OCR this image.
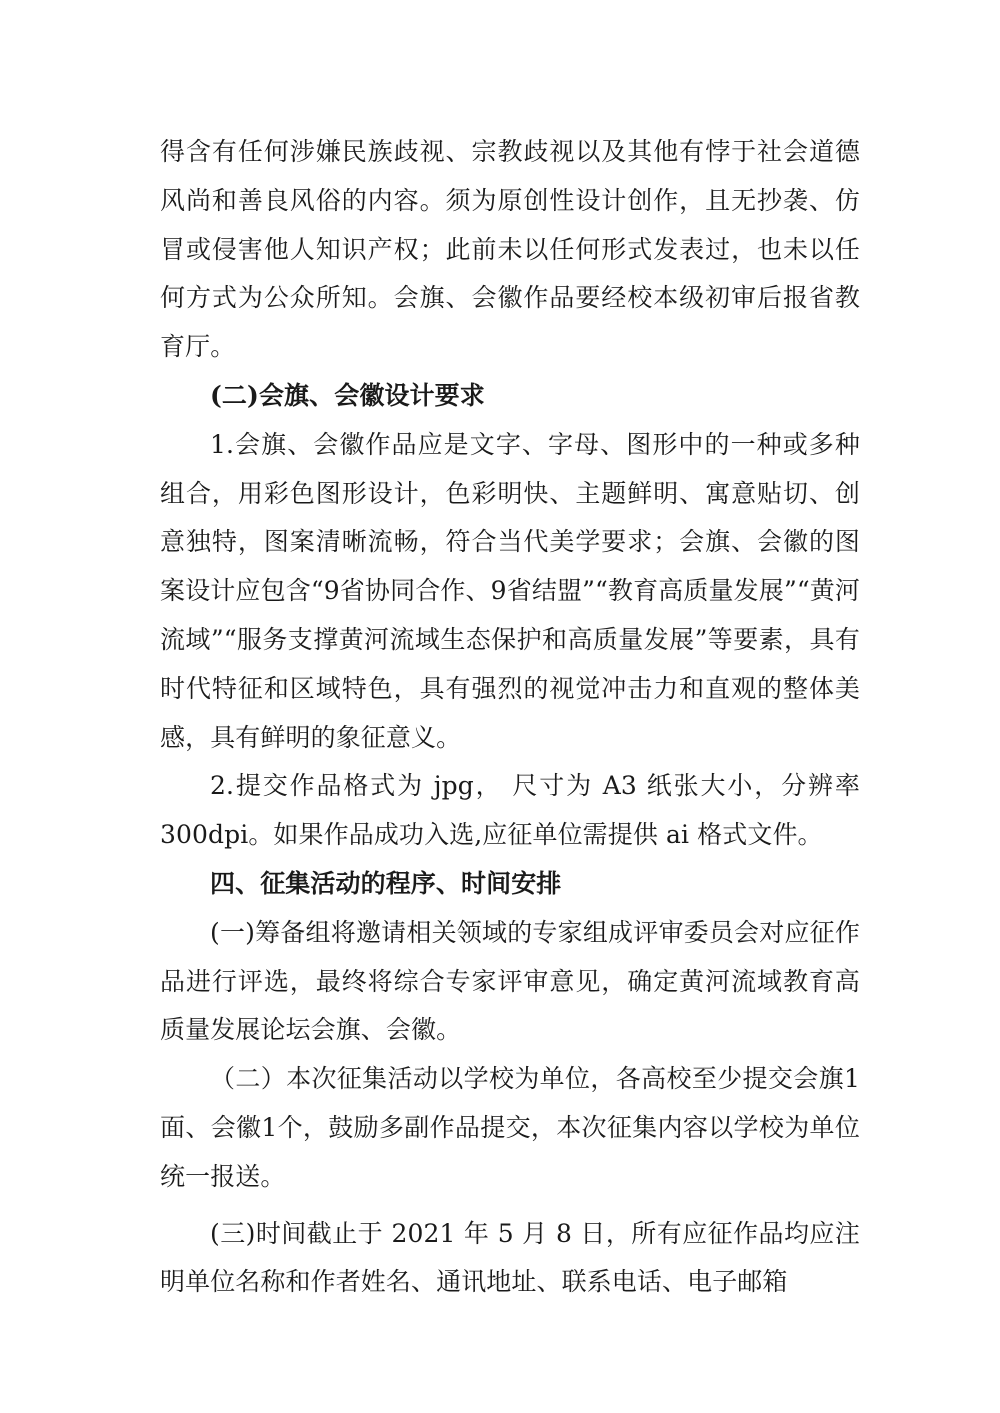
得含有任何涉嫌民族歧视、宗教歧视以及其他有悖于社会道德风尚和善良风俗的内容。须为原创性设计创作，且无抄袭、仿冒或侵害他人知识产权；此前未以任何形式发表过，也未以任何方式为公众所知。会旗、会徽作品要经校本级初审后报省教育厅。

(二)会旗、会徽设计要求

1.会旗、会徽作品应是文字、字母、图形中的一种或多种组合，用彩色图形设计，色彩明快、主题鲜明、寓意贴切、创意独特，图案清晰流畅，符合当代美学要求；会旗、会徽的图案设计应包含“9省协同合作、9省结盟”“教育高质量发展”“黄河流域”“服务支撑黄河流域生态保护和高质量发展”等要素，具有时代特征和区域特色，具有强烈的视觉冲击力和直观的整体美感，具有鲜明的象征意义。

2.提交作品格式为 jpg， 尺寸为 A3 纸张大小，分辨率 300dpi。如果作品成功入选,应征单位需提供 ai 格式文件。

四、征集活动的程序、时间安排

(一)筹备组将邀请相关领域的专家组成评审委员会对应征作品进行评选，最终将综合专家评审意见，确定黄河流域教育高质量发展论坛会旗、会徽。

（二）本次征集活动以学校为单位，各高校至少提交会旗1面、会徽1个，鼓励多副作品提交，本次征集内容以学校为单位统一报送。

(三)时间截止于 2021 年 5 月 8 日，所有应征作品均应注明单位名称和作者姓名、通讯地址、联系电话、电子邮箱
